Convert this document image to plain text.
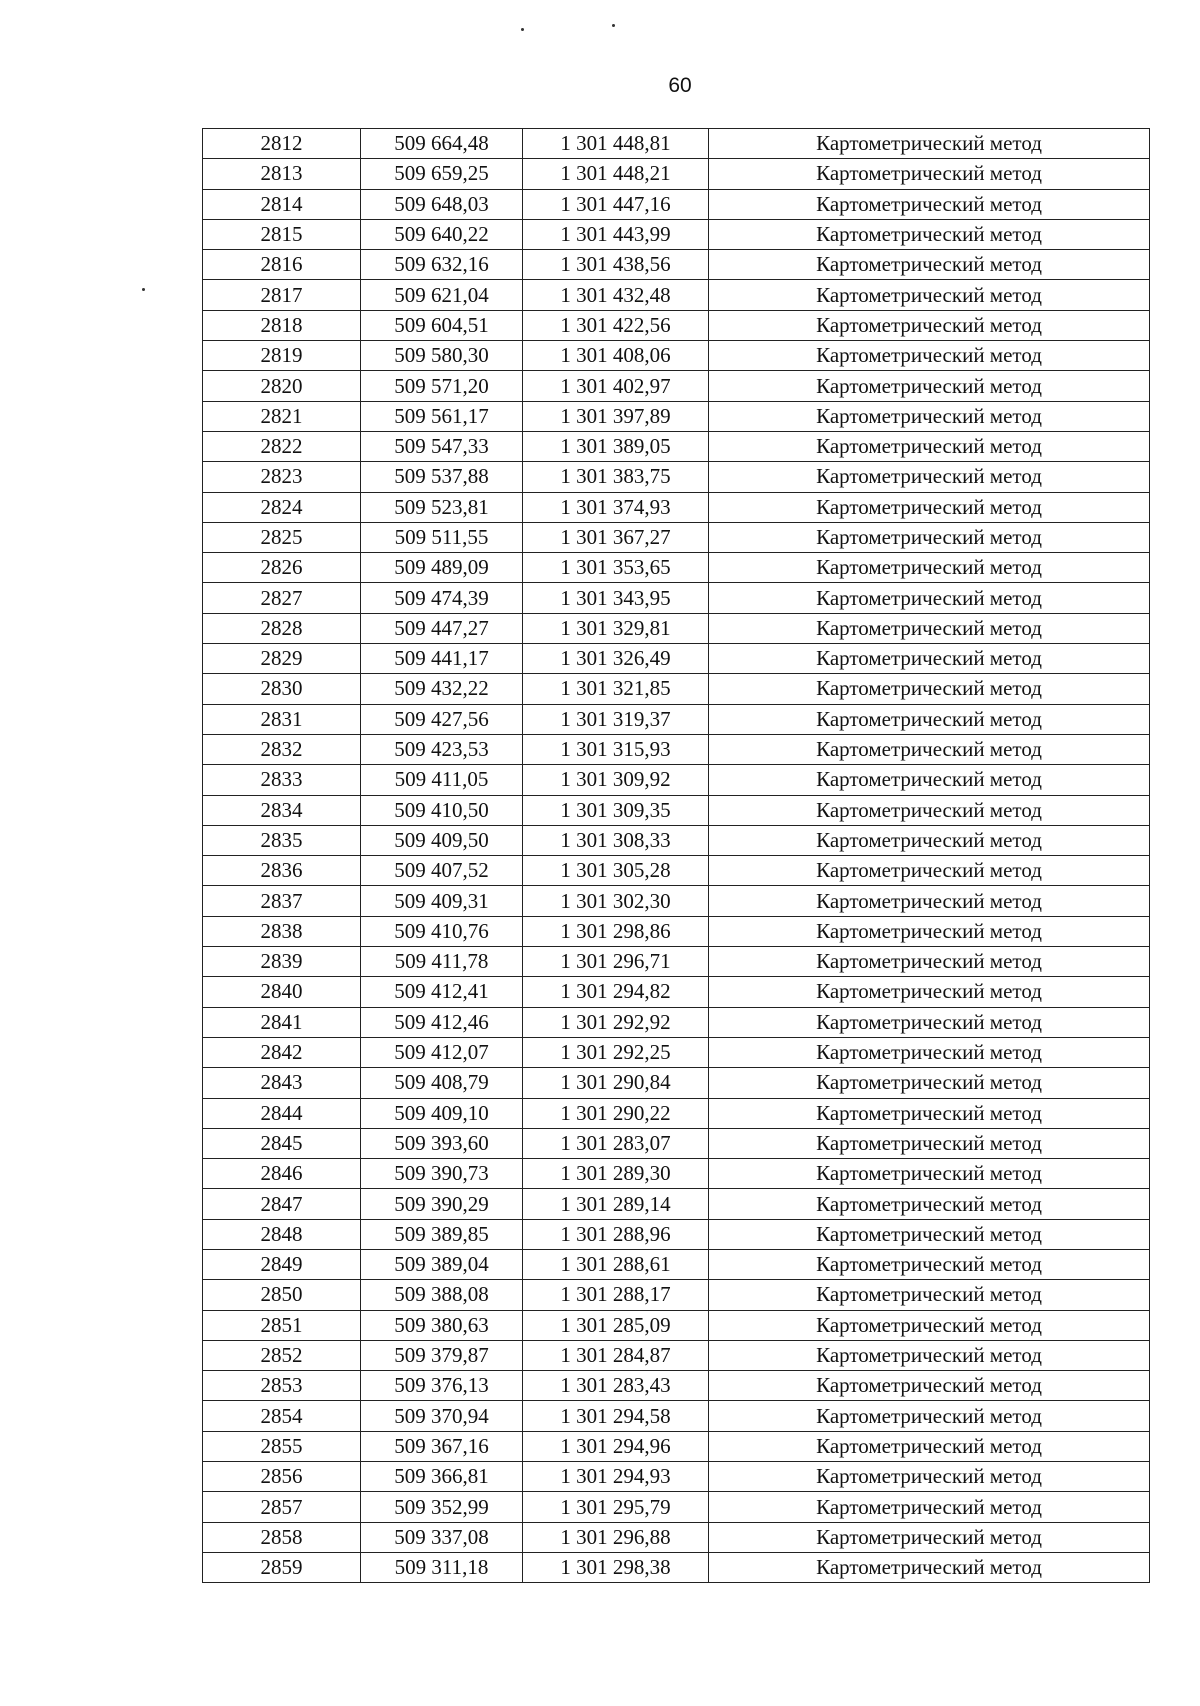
60
2812	509 664,48	1 301 448,81	Картометрический метод
2813	509 659,25	1 301 448,21	Картометрический метод
2814	509 648,03	1 301 447,16	Картометрический метод
2815	509 640,22	1 301 443,99	Картометрический метод
2816	509 632,16	1 301 438,56	Картометрический метод
2817	509 621,04	1 301 432,48	Картометрический метод
2818	509 604,51	1 301 422,56	Картометрический метод
2819	509 580,30	1 301 408,06	Картометрический метод
2820	509 571,20	1 301 402,97	Картометрический метод
2821	509 561,17	1 301 397,89	Картометрический метод
2822	509 547,33	1 301 389,05	Картометрический метод
2823	509 537,88	1 301 383,75	Картометрический метод
2824	509 523,81	1 301 374,93	Картометрический метод
2825	509 511,55	1 301 367,27	Картометрический метод
2826	509 489,09	1 301 353,65	Картометрический метод
2827	509 474,39	1 301 343,95	Картометрический метод
2828	509 447,27	1 301 329,81	Картометрический метод
2829	509 441,17	1 301 326,49	Картометрический метод
2830	509 432,22	1 301 321,85	Картометрический метод
2831	509 427,56	1 301 319,37	Картометрический метод
2832	509 423,53	1 301 315,93	Картометрический метод
2833	509 411,05	1 301 309,92	Картометрический метод
2834	509 410,50	1 301 309,35	Картометрический метод
2835	509 409,50	1 301 308,33	Картометрический метод
2836	509 407,52	1 301 305,28	Картометрический метод
2837	509 409,31	1 301 302,30	Картометрический метод
2838	509 410,76	1 301 298,86	Картометрический метод
2839	509 411,78	1 301 296,71	Картометрический метод
2840	509 412,41	1 301 294,82	Картометрический метод
2841	509 412,46	1 301 292,92	Картометрический метод
2842	509 412,07	1 301 292,25	Картометрический метод
2843	509 408,79	1 301 290,84	Картометрический метод
2844	509 409,10	1 301 290,22	Картометрический метод
2845	509 393,60	1 301 283,07	Картометрический метод
2846	509 390,73	1 301 289,30	Картометрический метод
2847	509 390,29	1 301 289,14	Картометрический метод
2848	509 389,85	1 301 288,96	Картометрический метод
2849	509 389,04	1 301 288,61	Картометрический метод
2850	509 388,08	1 301 288,17	Картометрический метод
2851	509 380,63	1 301 285,09	Картометрический метод
2852	509 379,87	1 301 284,87	Картометрический метод
2853	509 376,13	1 301 283,43	Картометрический метод
2854	509 370,94	1 301 294,58	Картометрический метод
2855	509 367,16	1 301 294,96	Картометрический метод
2856	509 366,81	1 301 294,93	Картометрический метод
2857	509 352,99	1 301 295,79	Картометрический метод
2858	509 337,08	1 301 296,88	Картометрический метод
2859	509 311,18	1 301 298,38	Картометрический метод
